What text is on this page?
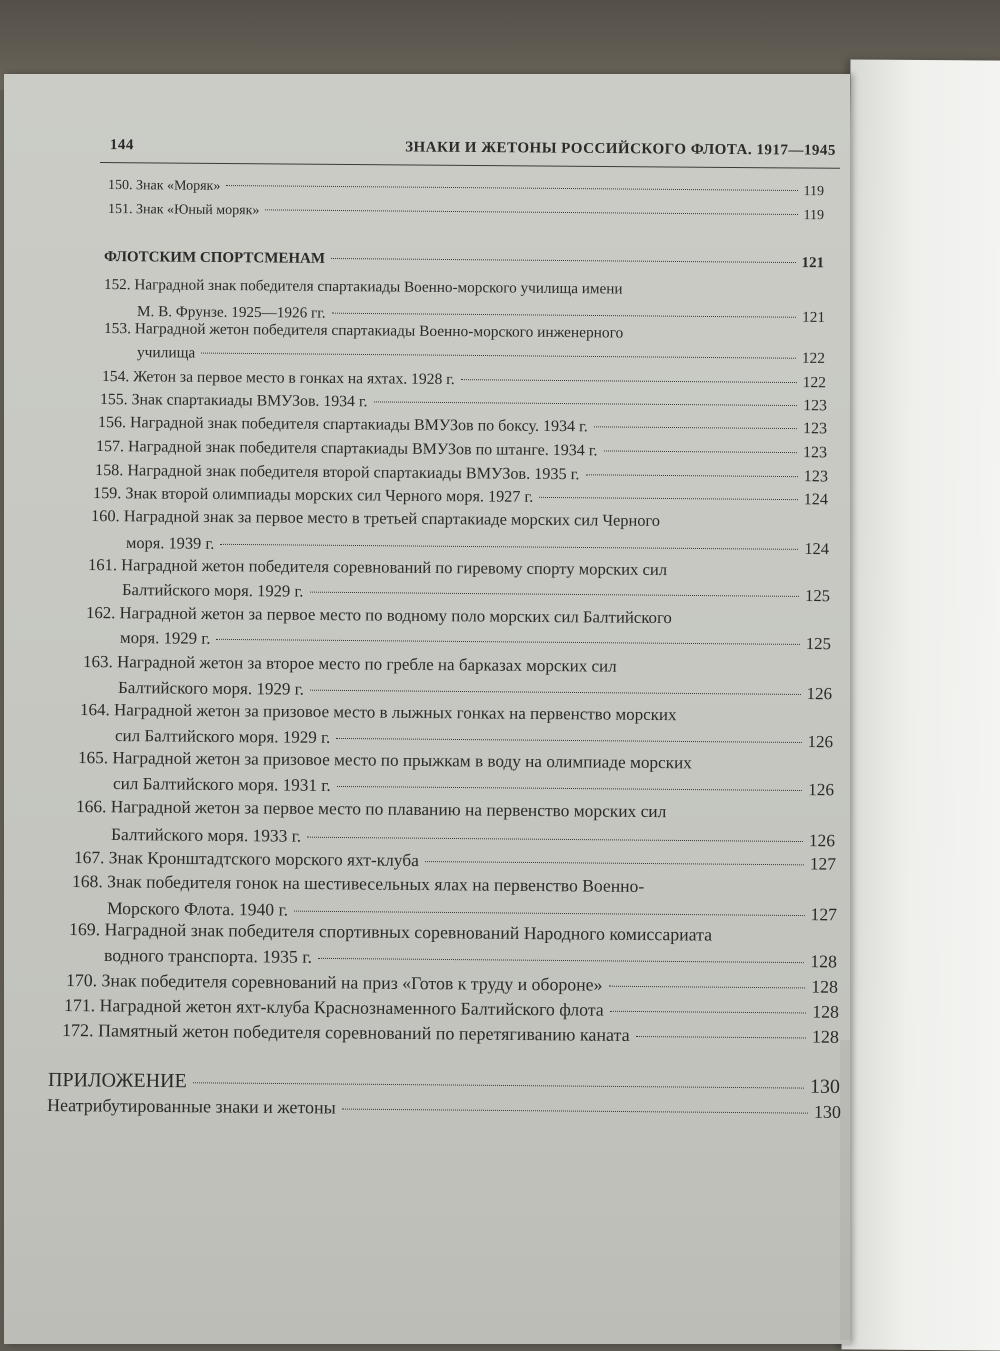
144	ЗНАКИ И ЖЕТОНЫ РОССИЙСКОГО ФЛОТА. 1917—1945
150. Знак «Моряк»	119
151. Знак «Юный моряк»	119
ФЛОТСКИМ СПОРТСМЕНАМ	121
152. Наградной знак победителя спартакиады Военно-морского училища имени
М. В. Фрунзе. 1925—1926 гг.	121
153. Наградной жетон победителя спартакиады Военно-морского инженерного
училища	122
154. Жетон за первое место в гонках на яхтах. 1928 г.	122
155. Знак спартакиады ВМУЗов. 1934 г.	123
156. Наградной знак победителя спартакиады ВМУЗов по боксу. 1934 г.	123
157. Наградной знак победителя спартакиады ВМУЗов по штанге. 1934 г.	123
158. Наградной знак победителя второй спартакиады ВМУЗов. 1935 г.	123
159. Знак второй олимпиады морских сил Черного моря. 1927 г.	124
160. Наградной знак за первое место в третьей спартакиаде морских сил Черного
моря. 1939 г.	124
161. Наградной жетон победителя соревнований по гиревому спорту морских сил
Балтийского моря. 1929 г.	125
162. Наградной жетон за первое место по водному поло морских сил Балтийского
моря. 1929 г.	125
163. Наградной жетон за второе место по гребле на барказах морских сил
Балтийского моря. 1929 г.	126
164. Наградной жетон за призовое место в лыжных гонках на первенство морских
сил Балтийского моря. 1929 г.	126
165. Наградной жетон за призовое место по прыжкам в воду на олимпиаде морских
сил Балтийского моря. 1931 г.	126
166. Наградной жетон за первое место по плаванию на первенство морских сил
Балтийского моря. 1933 г.	126
167. Знак Кронштадтского морского яхт-клуба	127
168. Знак победителя гонок на шестивесельных ялах на первенство Военно-
Морского Флота. 1940 г.	127
169. Наградной знак победителя спортивных соревнований Народного комиссариата
водного транспорта. 1935 г.	128
170. Знак победителя соревнований на приз «Готов к труду и обороне»	128
171. Наградной жетон яхт-клуба Краснознаменного Балтийского флота	128
172. Памятный жетон победителя соревнований по перетягиванию каната	128
ПРИЛОЖЕНИЕ	130
Неатрибутированные знаки и жетоны	130
